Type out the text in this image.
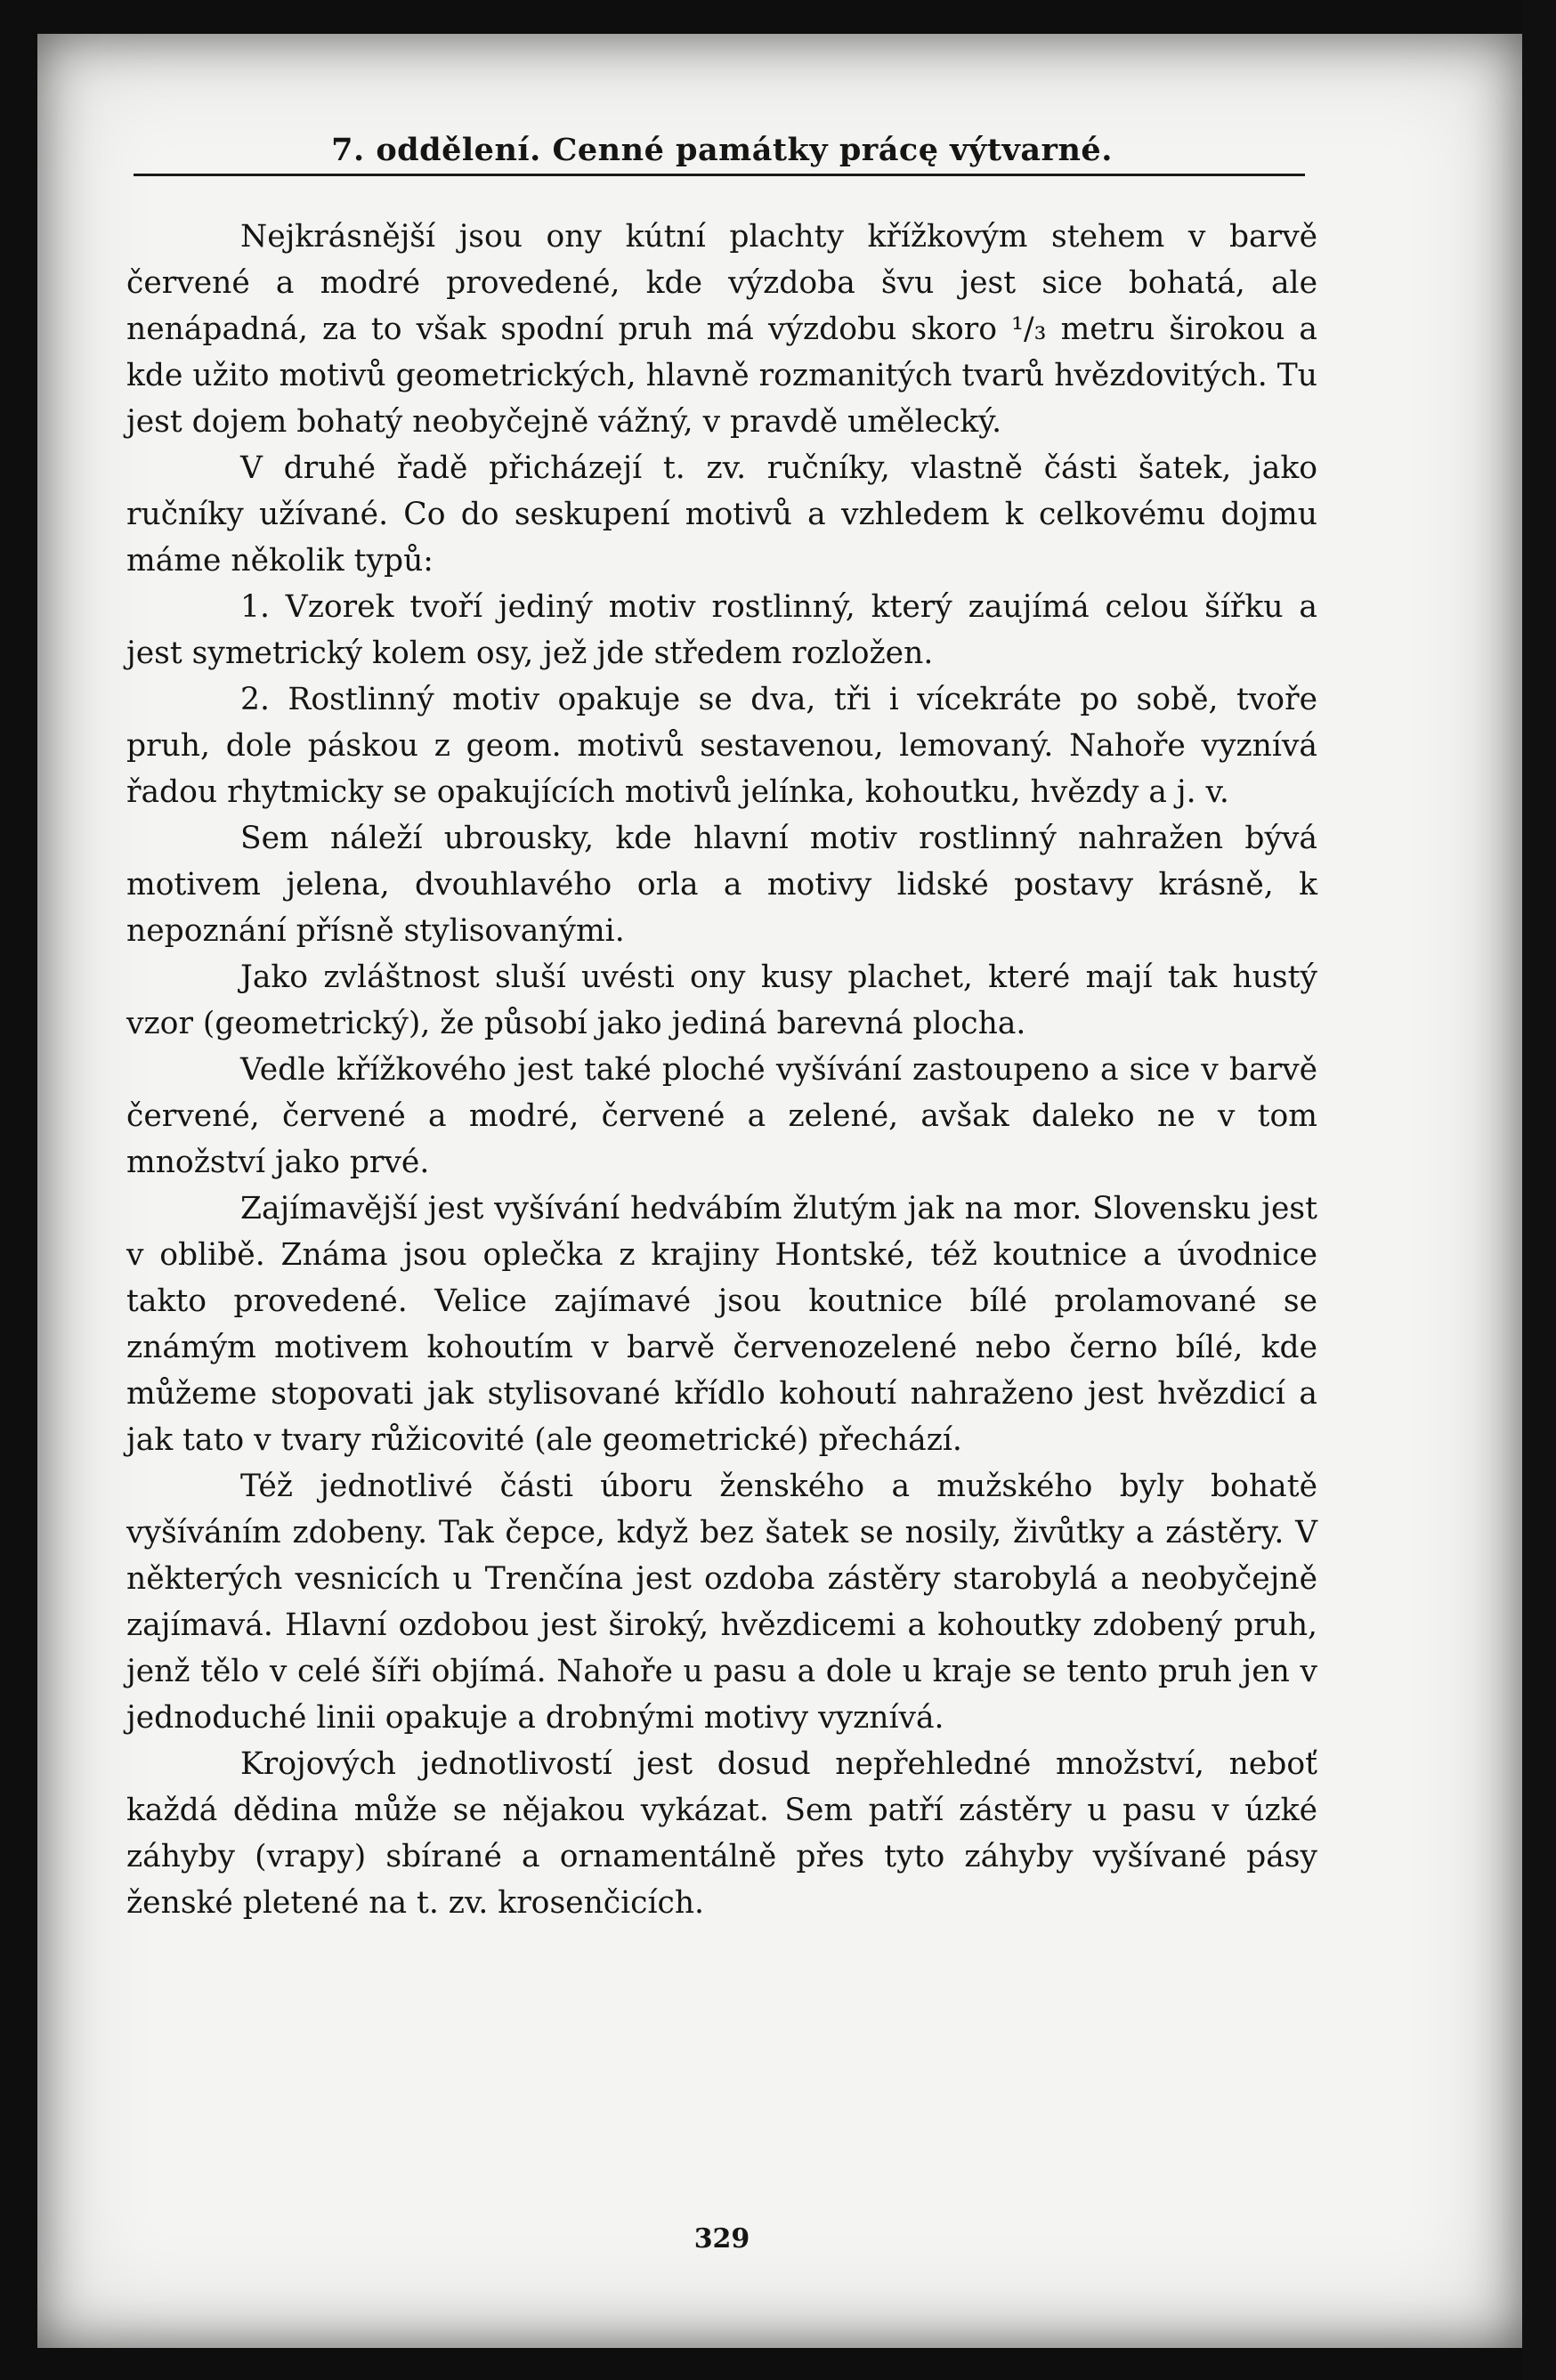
7. oddělení. Cenné památky prácę výtvarné.

Nejkrásnější jsou ony kútní plachty křížkovým stehem v barvě červené a modré provedené, kde výzdoba švu jest sice bohatá, ale nenápadná, za to však spodní pruh má výzdobu skoro ¹/₃ metru širokou a kde užito motivů geometrických, hlavně rozmanitých tvarů hvězdovitých. Tu jest dojem bohatý neobyčejně vážný, v pravdě umělecký.

V druhé řadě přicházejí t. zv. ručníky, vlastně části šatek, jako ručníky užívané. Co do seskupení motivů a vzhledem k celkovému dojmu máme několik typů:

1. Vzorek tvoří jediný motiv rostlinný, který zaujímá celou šířku a jest symetrický kolem osy, jež jde středem rozložen.

2. Rostlinný motiv opakuje se dva, tři i vícekráte po sobě, tvoře pruh, dole páskou z geom. motivů sestavenou, lemovaný. Nahoře vyznívá řadou rhytmicky se opakujících motivů jelínka, kohoutku, hvězdy a j. v.

Sem náleží ubrousky, kde hlavní motiv rostlinný nahražen bývá motivem jelena, dvouhlavého orla a motivy lidské postavy krásně, k nepoznání přísně stylisovanými.

Jako zvláštnost sluší uvésti ony kusy plachet, které mají tak hustý vzor (geometrický), že působí jako jediná barevná plocha.

Vedle křížkového jest také ploché vyšívání zastoupeno a sice v barvě červené, červené a modré, červené a zelené, avšak daleko ne v tom množství jako prvé.

Zajímavější jest vyšívání hedvábím žlutým jak na mor. Slovensku jest v oblibě. Známa jsou oplečka z krajiny Hontské, též koutnice a úvodnice takto provedené. Velice zajímavé jsou koutnice bílé prolamované se známým motivem kohoutím v barvě červenozelené nebo černo bílé, kde můžeme stopovati jak stylisované křídlo kohoutí nahraženo jest hvězdicí a jak tato v tvary růžicovité (ale geometrické) přechází.

Též jednotlivé části úboru ženského a mužského byly bohatě vyšíváním zdobeny. Tak čepce, když bez šatek se nosily, živůtky a zástěry. V některých vesnicích u Trenčína jest ozdoba zástěry starobylá a neobyčejně zajímavá. Hlavní ozdobou jest široký, hvězdicemi a kohoutky zdobený pruh, jenž tělo v celé šíři objímá. Nahoře u pasu a dole u kraje se tento pruh jen v jednoduché linii opakuje a drobnými motivy vyznívá.

Krojových jednotlivostí jest dosud nepřehledné množství, neboť každá dědina může se nějakou vykázat. Sem patří zástěry u pasu v úzké záhyby (vrapy) sbírané a ornamentálně přes tyto záhyby vyšívané pásy ženské pletené na t. zv. krosenčicích.

329
